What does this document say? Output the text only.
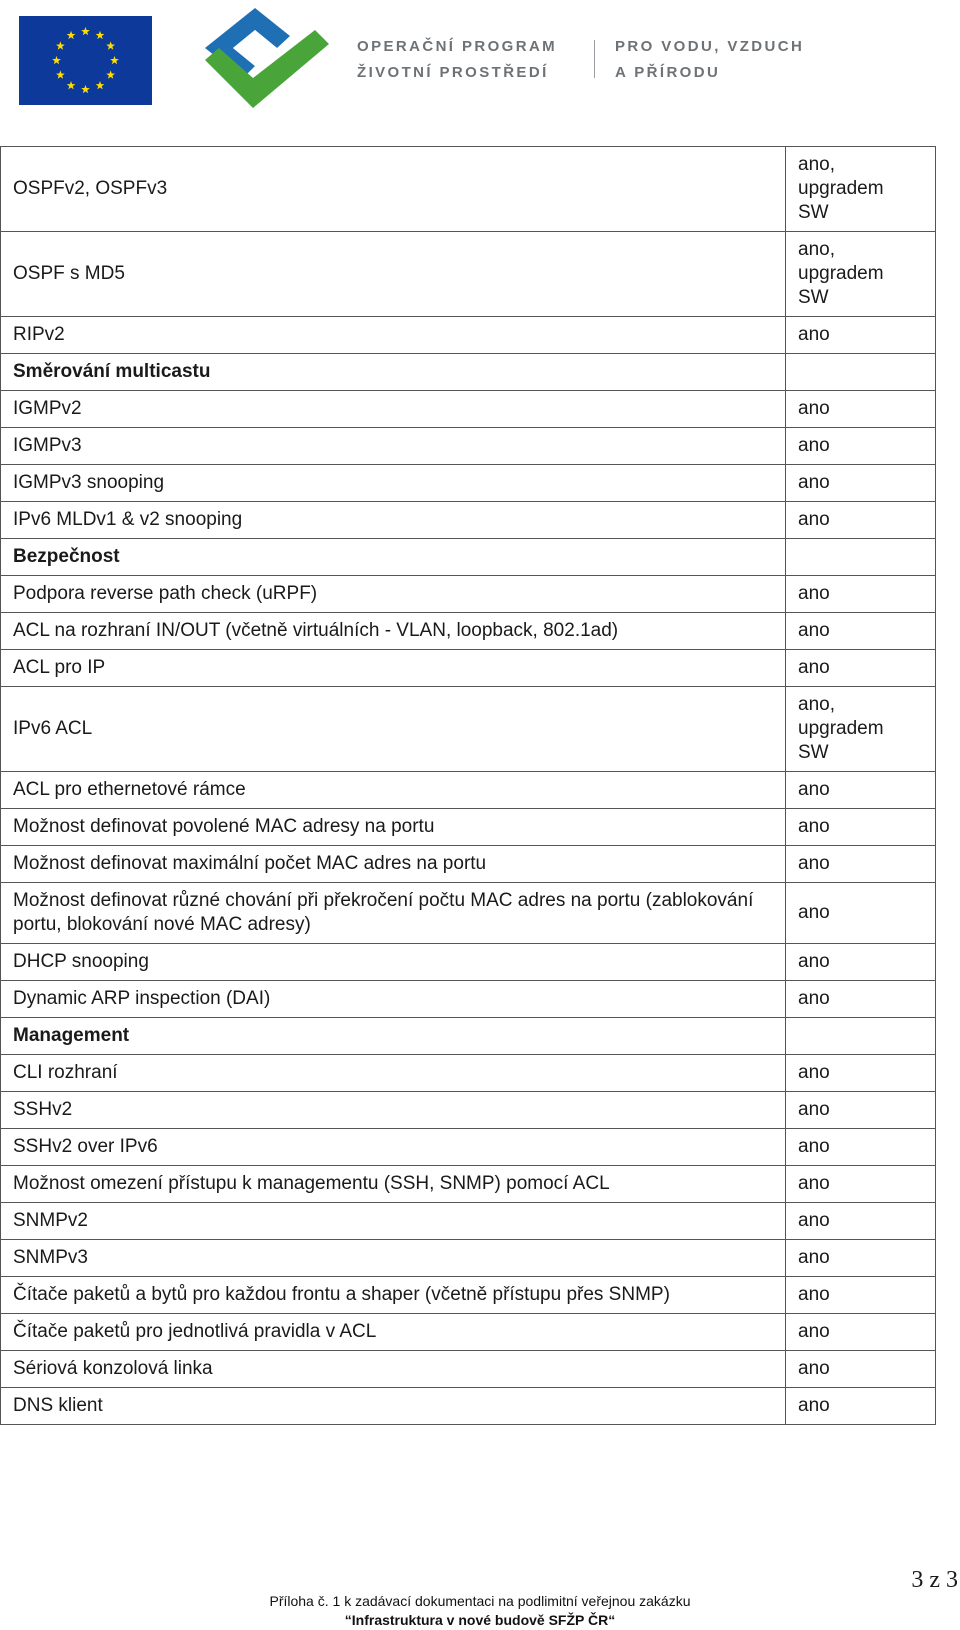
OPERAČNÍ PROGRAM
ŽIVOTNÍ PROSTŘEDÍ
PRO VODU, VZDUCH
A PŘÍRODU
OSPFv2, OSPFv3	ano,
upgradem
SW

OSPF s MD5	ano,
upgradem
SW

RIPv2	ano

Směrování multicastu	
IGMPv2	ano

IGMPv3	ano

IGMPv3 snooping	ano

IPv6 MLDv1 & v2 snooping	ano

Bezpečnost	
Podpora reverse path check (uRPF)	ano

ACL na rozhraní IN/OUT (včetně virtuálních - VLAN, loopback, 802.1ad)	ano

ACL pro IP	ano

IPv6 ACL	ano,
upgradem
SW

ACL pro ethernetové rámce	ano

Možnost definovat povolené MAC adresy na portu	ano

Možnost definovat maximální počet MAC adres na portu	ano

Možnost definovat různé chování při překročení počtu MAC adres na portu (zablokování portu, blokování nové MAC adresy)	ano

DHCP snooping	ano

Dynamic ARP inspection (DAI)	ano

Management	
CLI rozhraní	ano

SSHv2	ano

SSHv2 over IPv6	ano

Možnost omezení přístupu k managementu (SSH, SNMP) pomocí ACL	ano

SNMPv2	ano

SNMPv3	ano

Čítače paketů a bytů pro každou frontu a shaper (včetně přístupu přes SNMP)	ano

Čítače paketů pro jednotlivá pravidla v ACL	ano

Sériová konzolová linka	ano

DNS klient	ano
3 z 3
Příloha č. 1 k zadávací dokumentaci na podlimitní veřejnou zakázku
“Infrastruktura v nové budově SFŽP ČR“
